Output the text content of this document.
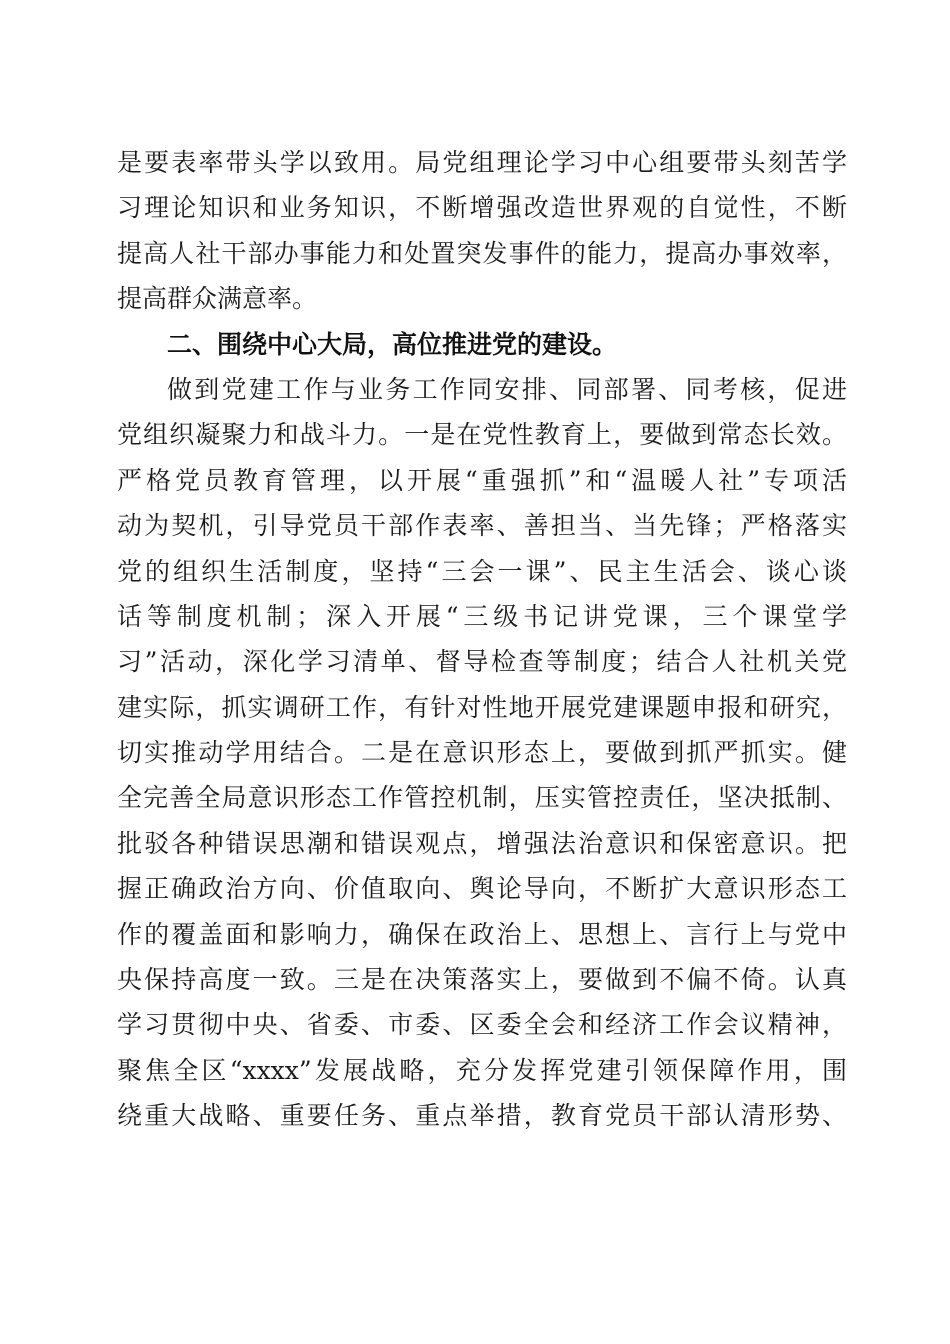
是要表率带头学以致用。局党组理论学习中心组要带头刻苦学
习理论知识和业务知识，不断增强改造世界观的自觉性，不断
提高人社干部办事能力和处置突发事件的能力，提高办事效率，
提高群众满意率。
二、围绕中心大局，高位推进党的建设。
做到党建工作与业务工作同安排、同部署、同考核，促进
党组织凝聚力和战斗力。一是在党性教育上，要做到常态长效。
严格党员教育管理，以开展“重强抓”和“温暖人社”专项活
动为契机，引导党员干部作表率、善担当、当先锋；严格落实
党的组织生活制度，坚持“三会一课”、民主生活会、谈心谈
话等制度机制；深入开展“三级书记讲党课，三个课堂学
习”活动，深化学习清单、督导检查等制度；结合人社机关党
建实际，抓实调研工作，有针对性地开展党建课题申报和研究，
切实推动学用结合。二是在意识形态上，要做到抓严抓实。健
全完善全局意识形态工作管控机制，压实管控责任，坚决抵制、
批驳各种错误思潮和错误观点，增强法治意识和保密意识。把
握正确政治方向、价值取向、舆论导向，不断扩大意识形态工
作的覆盖面和影响力，确保在政治上、思想上、言行上与党中
央保持高度一致。三是在决策落实上，要做到不偏不倚。认真
学习贯彻中央、省委、市委、区委全会和经济工作会议精神，
聚焦全区“xxxx”发展战略，充分发挥党建引领保障作用，围
绕重大战略、重要任务、重点举措，教育党员干部认清形势、
